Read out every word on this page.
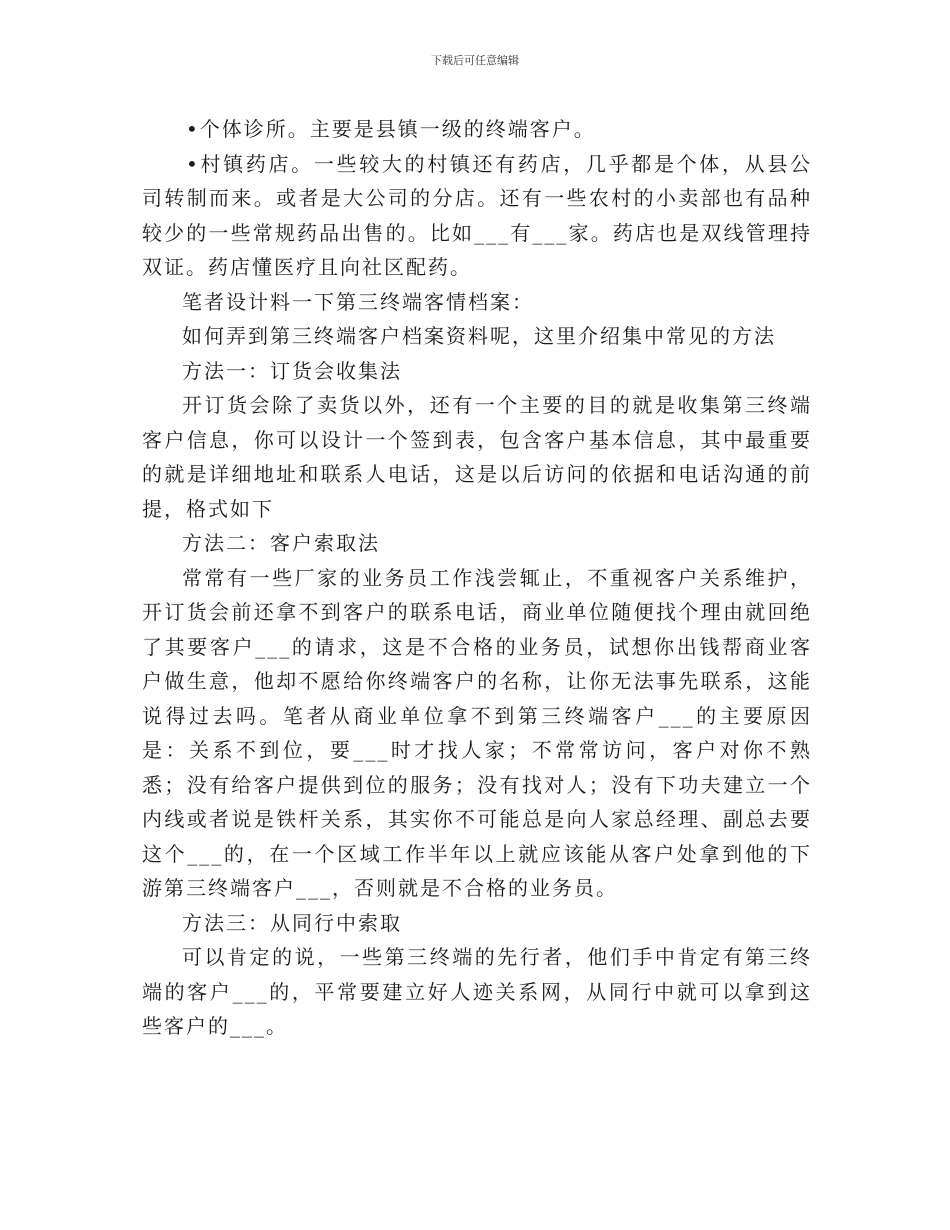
下载后可任意编辑

•个体诊所。主要是县镇一级的终端客户。

•村镇药店。一些较大的村镇还有药店，几乎都是个体，从县公司转制而来。或者是大公司的分店。还有一些农村的小卖部也有品种较少的一些常规药品出售的。比如___有___家。药店也是双线管理持双证。药店懂医疗且向社区配药。

笔者设计料一下第三终端客情档案：

如何弄到第三终端客户档案资料呢，这里介绍集中常见的方法

方法一：订货会收集法

开订货会除了卖货以外，还有一个主要的目的就是收集第三终端客户信息，你可以设计一个签到表，包含客户基本信息，其中最重要的就是详细地址和联系人电话，这是以后访问的依据和电话沟通的前提，格式如下

方法二：客户索取法

常常有一些厂家的业务员工作浅尝辄止，不重视客户关系维护，开订货会前还拿不到客户的联系电话，商业单位随便找个理由就回绝了其要客户___的请求，这是不合格的业务员，试想你出钱帮商业客户做生意，他却不愿给你终端客户的名称，让你无法事先联系，这能说得过去吗。笔者从商业单位拿不到第三终端客户___的主要原因是：关系不到位，要___时才找人家；不常常访问，客户对你不熟悉；没有给客户提供到位的服务；没有找对人；没有下功夫建立一个内线或者说是铁杆关系，其实你不可能总是向人家总经理、副总去要这个___的，在一个区域工作半年以上就应该能从客户处拿到他的下游第三终端客户___，否则就是不合格的业务员。

方法三：从同行中索取

可以肯定的说，一些第三终端的先行者，他们手中肯定有第三终端的客户___的，平常要建立好人迹关系网，从同行中就可以拿到这些客户的___。
